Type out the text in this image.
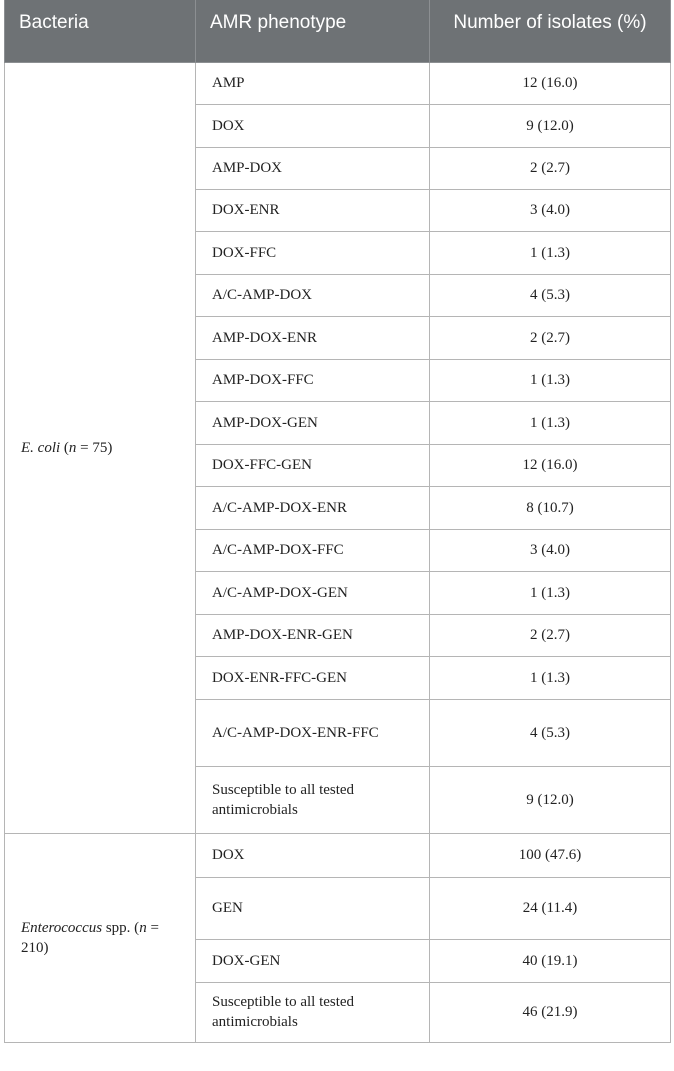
Bacteria	AMR phenotype	Number of isolates (%)
E. coli (n = 75)	AMP	12 (16.0)
	DOX	9 (12.0)
	AMP-DOX	2 (2.7)
	DOX-ENR	3 (4.0)
	DOX-FFC	1 (1.3)
	A/C-AMP-DOX	4 (5.3)
	AMP-DOX-ENR	2 (2.7)
	AMP-DOX-FFC	1 (1.3)
	AMP-DOX-GEN	1 (1.3)
	DOX-FFC-GEN	12 (16.0)
	A/C-AMP-DOX-ENR	8 (10.7)
	A/C-AMP-DOX-FFC	3 (4.0)
	A/C-AMP-DOX-GEN	1 (1.3)
	AMP-DOX-ENR-GEN	2 (2.7)
	DOX-ENR-FFC-GEN	1 (1.3)
	A/C-AMP-DOX-ENR-FFC	4 (5.3)
	Susceptible to all tested antimicrobials	9 (12.0)
Enterococcus spp. (n = 210)	DOX	100 (47.6)
	GEN	24 (11.4)
	DOX-GEN	40 (19.1)
	Susceptible to all tested antimicrobials	46 (21.9)
